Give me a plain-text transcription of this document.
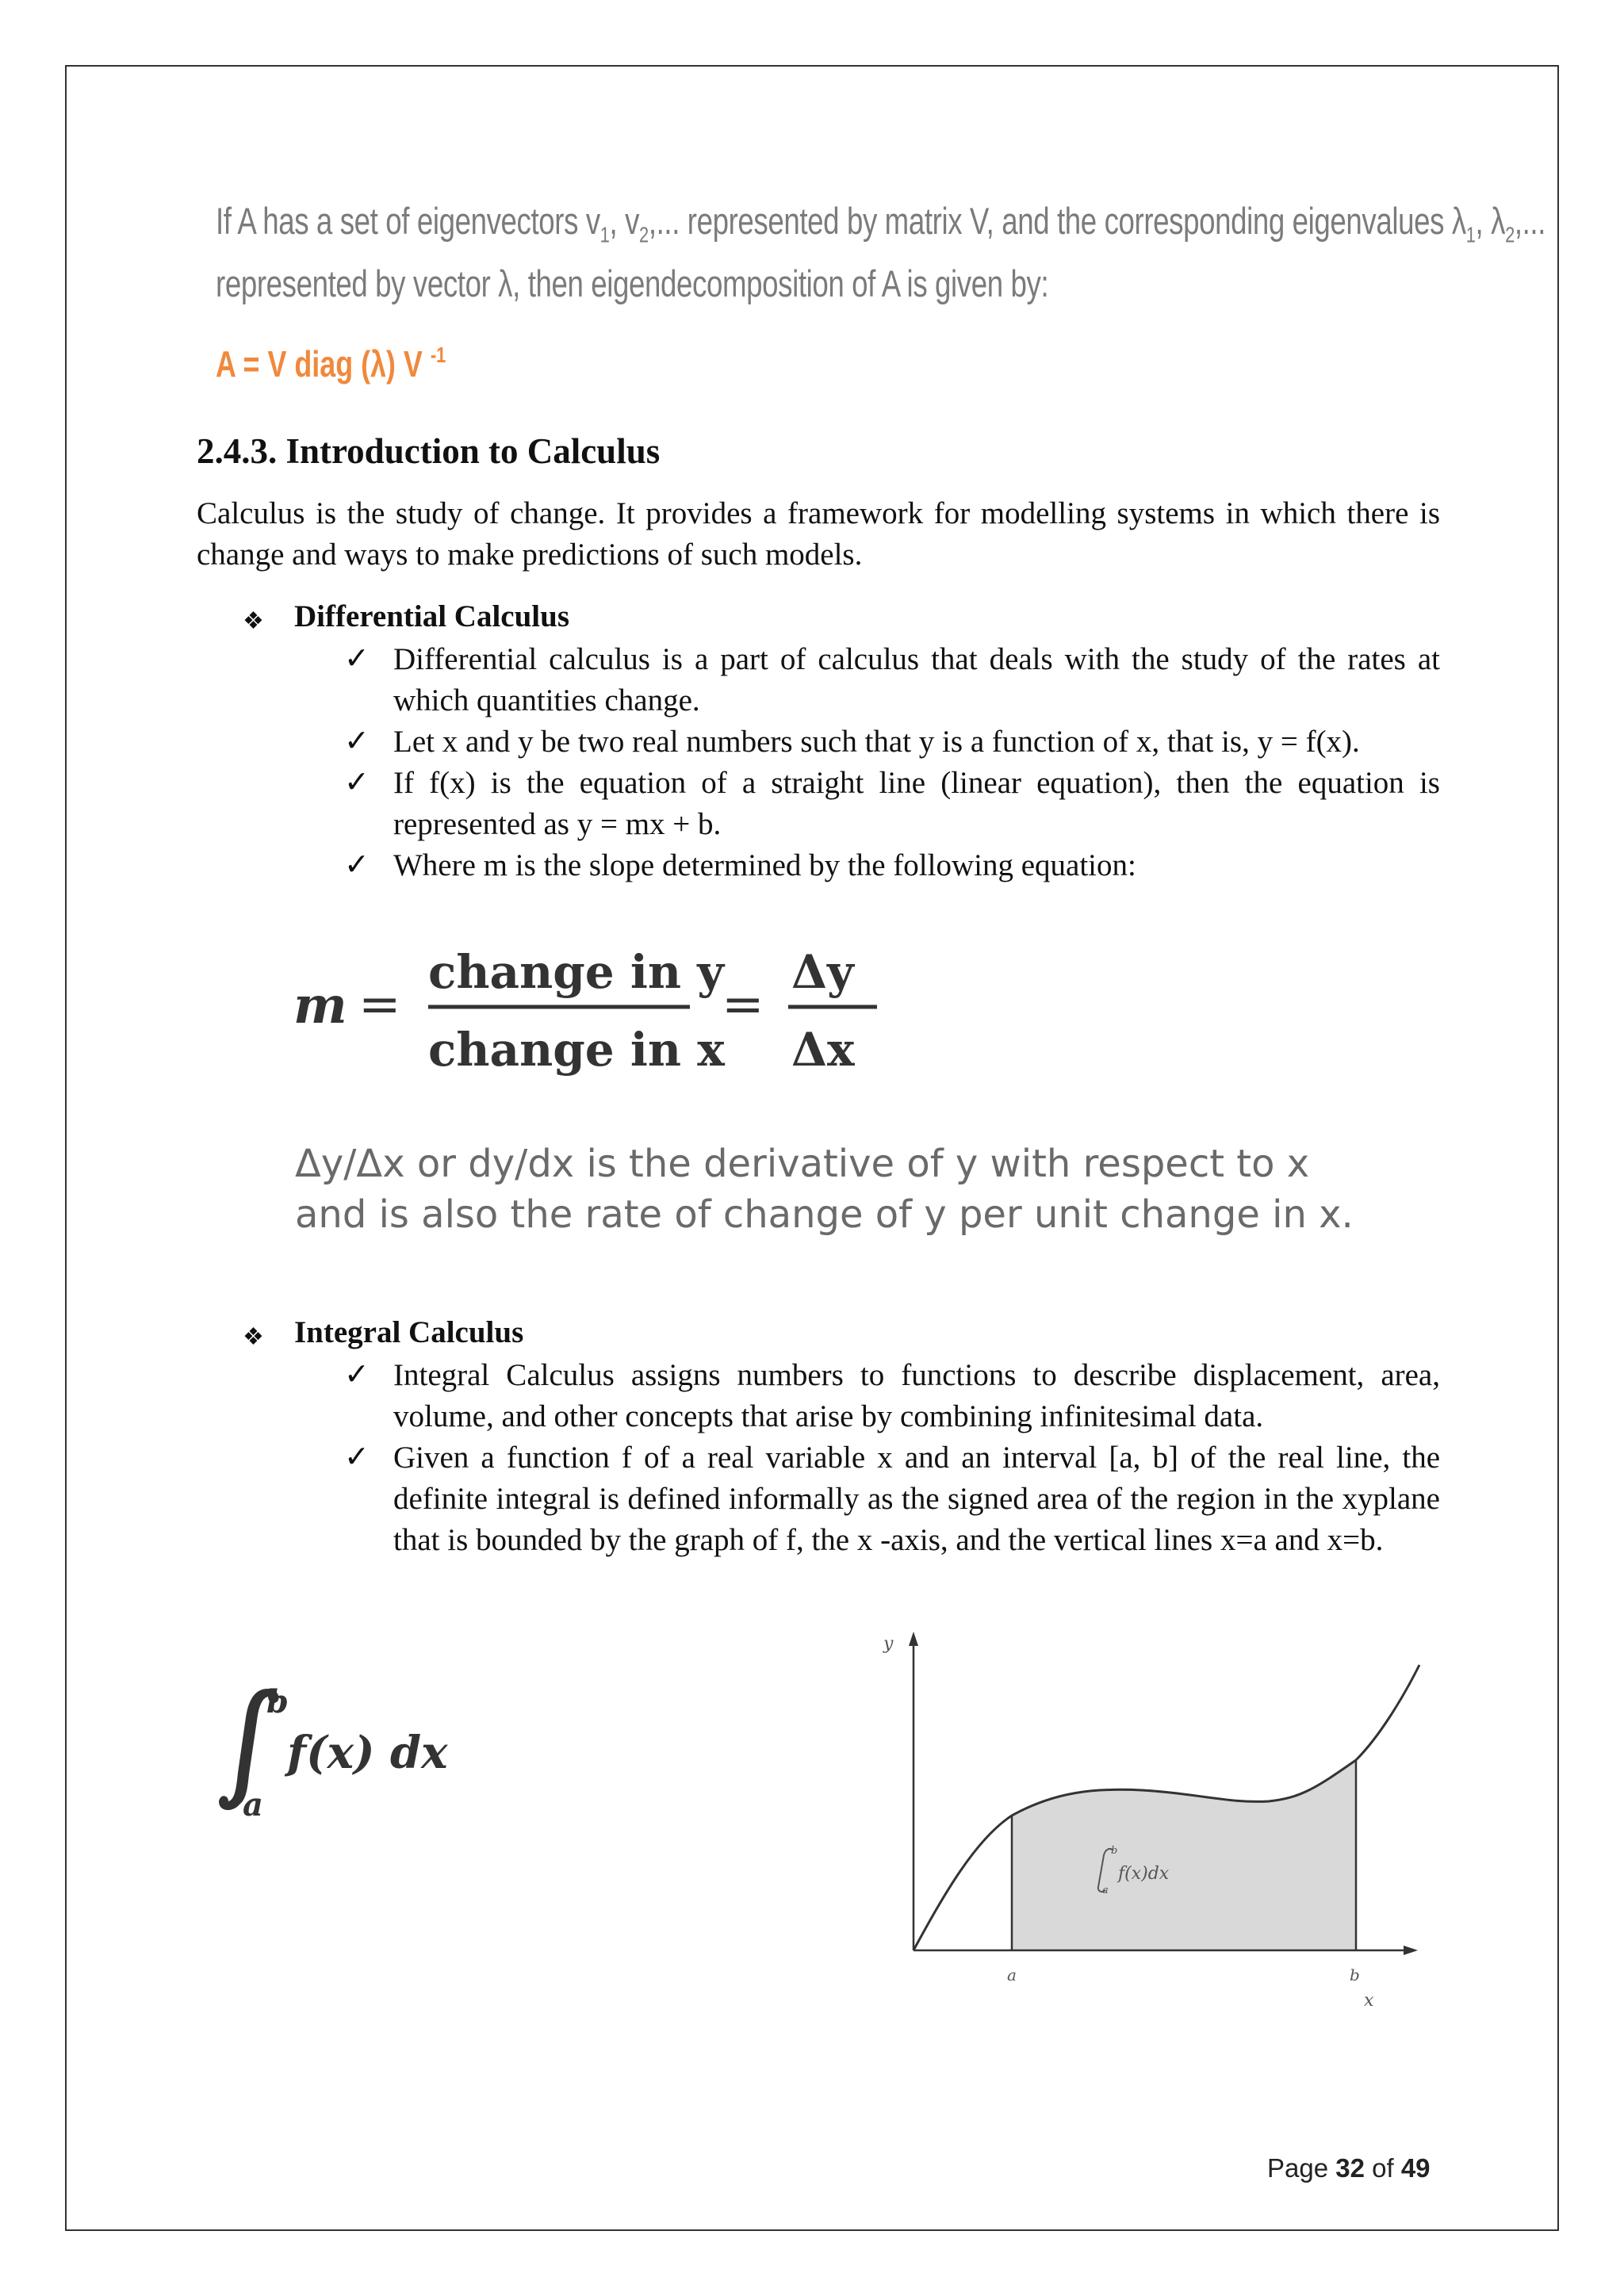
If A has a set of eigenvectors $v_1$, $v_2$,... represented by matrix V, and the corresponding eigenvalues $\lambda_1$, $\lambda_2$,...
represented by vector λ, then eigendecomposition of A is given by:
A = V diag (λ) V $^{-1}$
2.4.3. Introduction to Calculus
Calculus is the study of change. It provides a framework for modelling systems in which there is change and ways to make predictions of such models.
❖ Differential Calculus
✓ Differential calculus is a part of calculus that deals with the study of the rates at which quantities change.
✓ Let x and y be two real numbers such that y is a function of x, that is, y = f(x).
✓ If f(x) is the equation of a straight line (linear equation), then the equation is represented as y = mx + b.
✓ Where m is the slope determined by the following equation:
m =
change in y
change in x
=
Δy
Δx
Δy/Δx or dy/dx is the derivative of y with respect to x
and is also the rate of change of y per unit change in x.
❖ Integral Calculus
✓ Integral Calculus assigns numbers to functions to describe displacement, area, volume, and other concepts that arise by combining infinitesimal data.
✓ Given a function f of a real variable x and an interval [a, b] of the real line, the definite integral is defined informally as the signed area of the region in the xyplane that is bounded by the graph of f, the x -axis, and the vertical lines x=a and x=b.
b
a
f(x) dx
y
x
a	b
f(x)dx
b
a
Page 32 of 49
